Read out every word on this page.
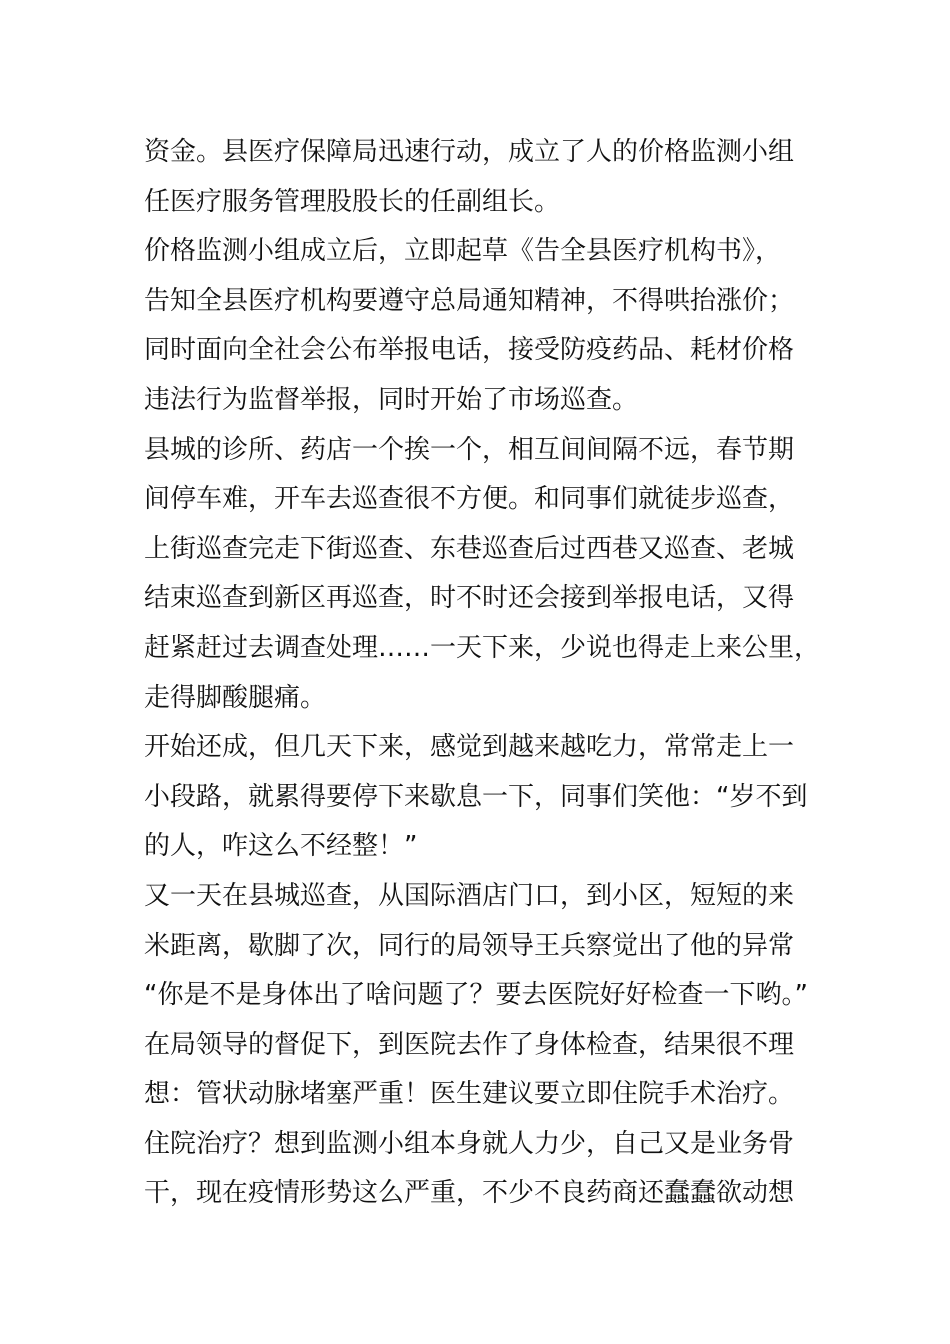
资金。县医疗保障局迅速行动，成立了人的价格监测小组
任医疗服务管理股股长的任副组长。
价格监测小组成立后，立即起草《告全县医疗机构书》，
告知全县医疗机构要遵守总局通知精神，不得哄抬涨价；
同时面向全社会公布举报电话，接受防疫药品、耗材价格
违法行为监督举报，同时开始了市场巡查。
县城的诊所、药店一个挨一个，相互间间隔不远，春节期
间停车难，开车去巡查很不方便。和同事们就徒步巡查，
上街巡查完走下街巡查、东巷巡查后过西巷又巡查、老城
结束巡查到新区再巡查，时不时还会接到举报电话，又得
赶紧赶过去调查处理……一天下来，少说也得走上来公里，
走得脚酸腿痛。
开始还成，但几天下来，感觉到越来越吃力，常常走上一
小段路，就累得要停下来歇息一下，同事们笑他：“岁不到
的人，咋这么不经整！”
又一天在县城巡查，从国际酒店门口，到小区，短短的来
米距离，歇脚了次，同行的局领导王兵察觉出了他的异常
“你是不是身体出了啥问题了？要去医院好好检查一下哟。”
在局领导的督促下，到医院去作了身体检查，结果很不理
想：管状动脉堵塞严重！医生建议要立即住院手术治疗。
住院治疗？想到监测小组本身就人力少，自己又是业务骨
干，现在疫情形势这么严重，不少不良药商还蠢蠢欲动想
